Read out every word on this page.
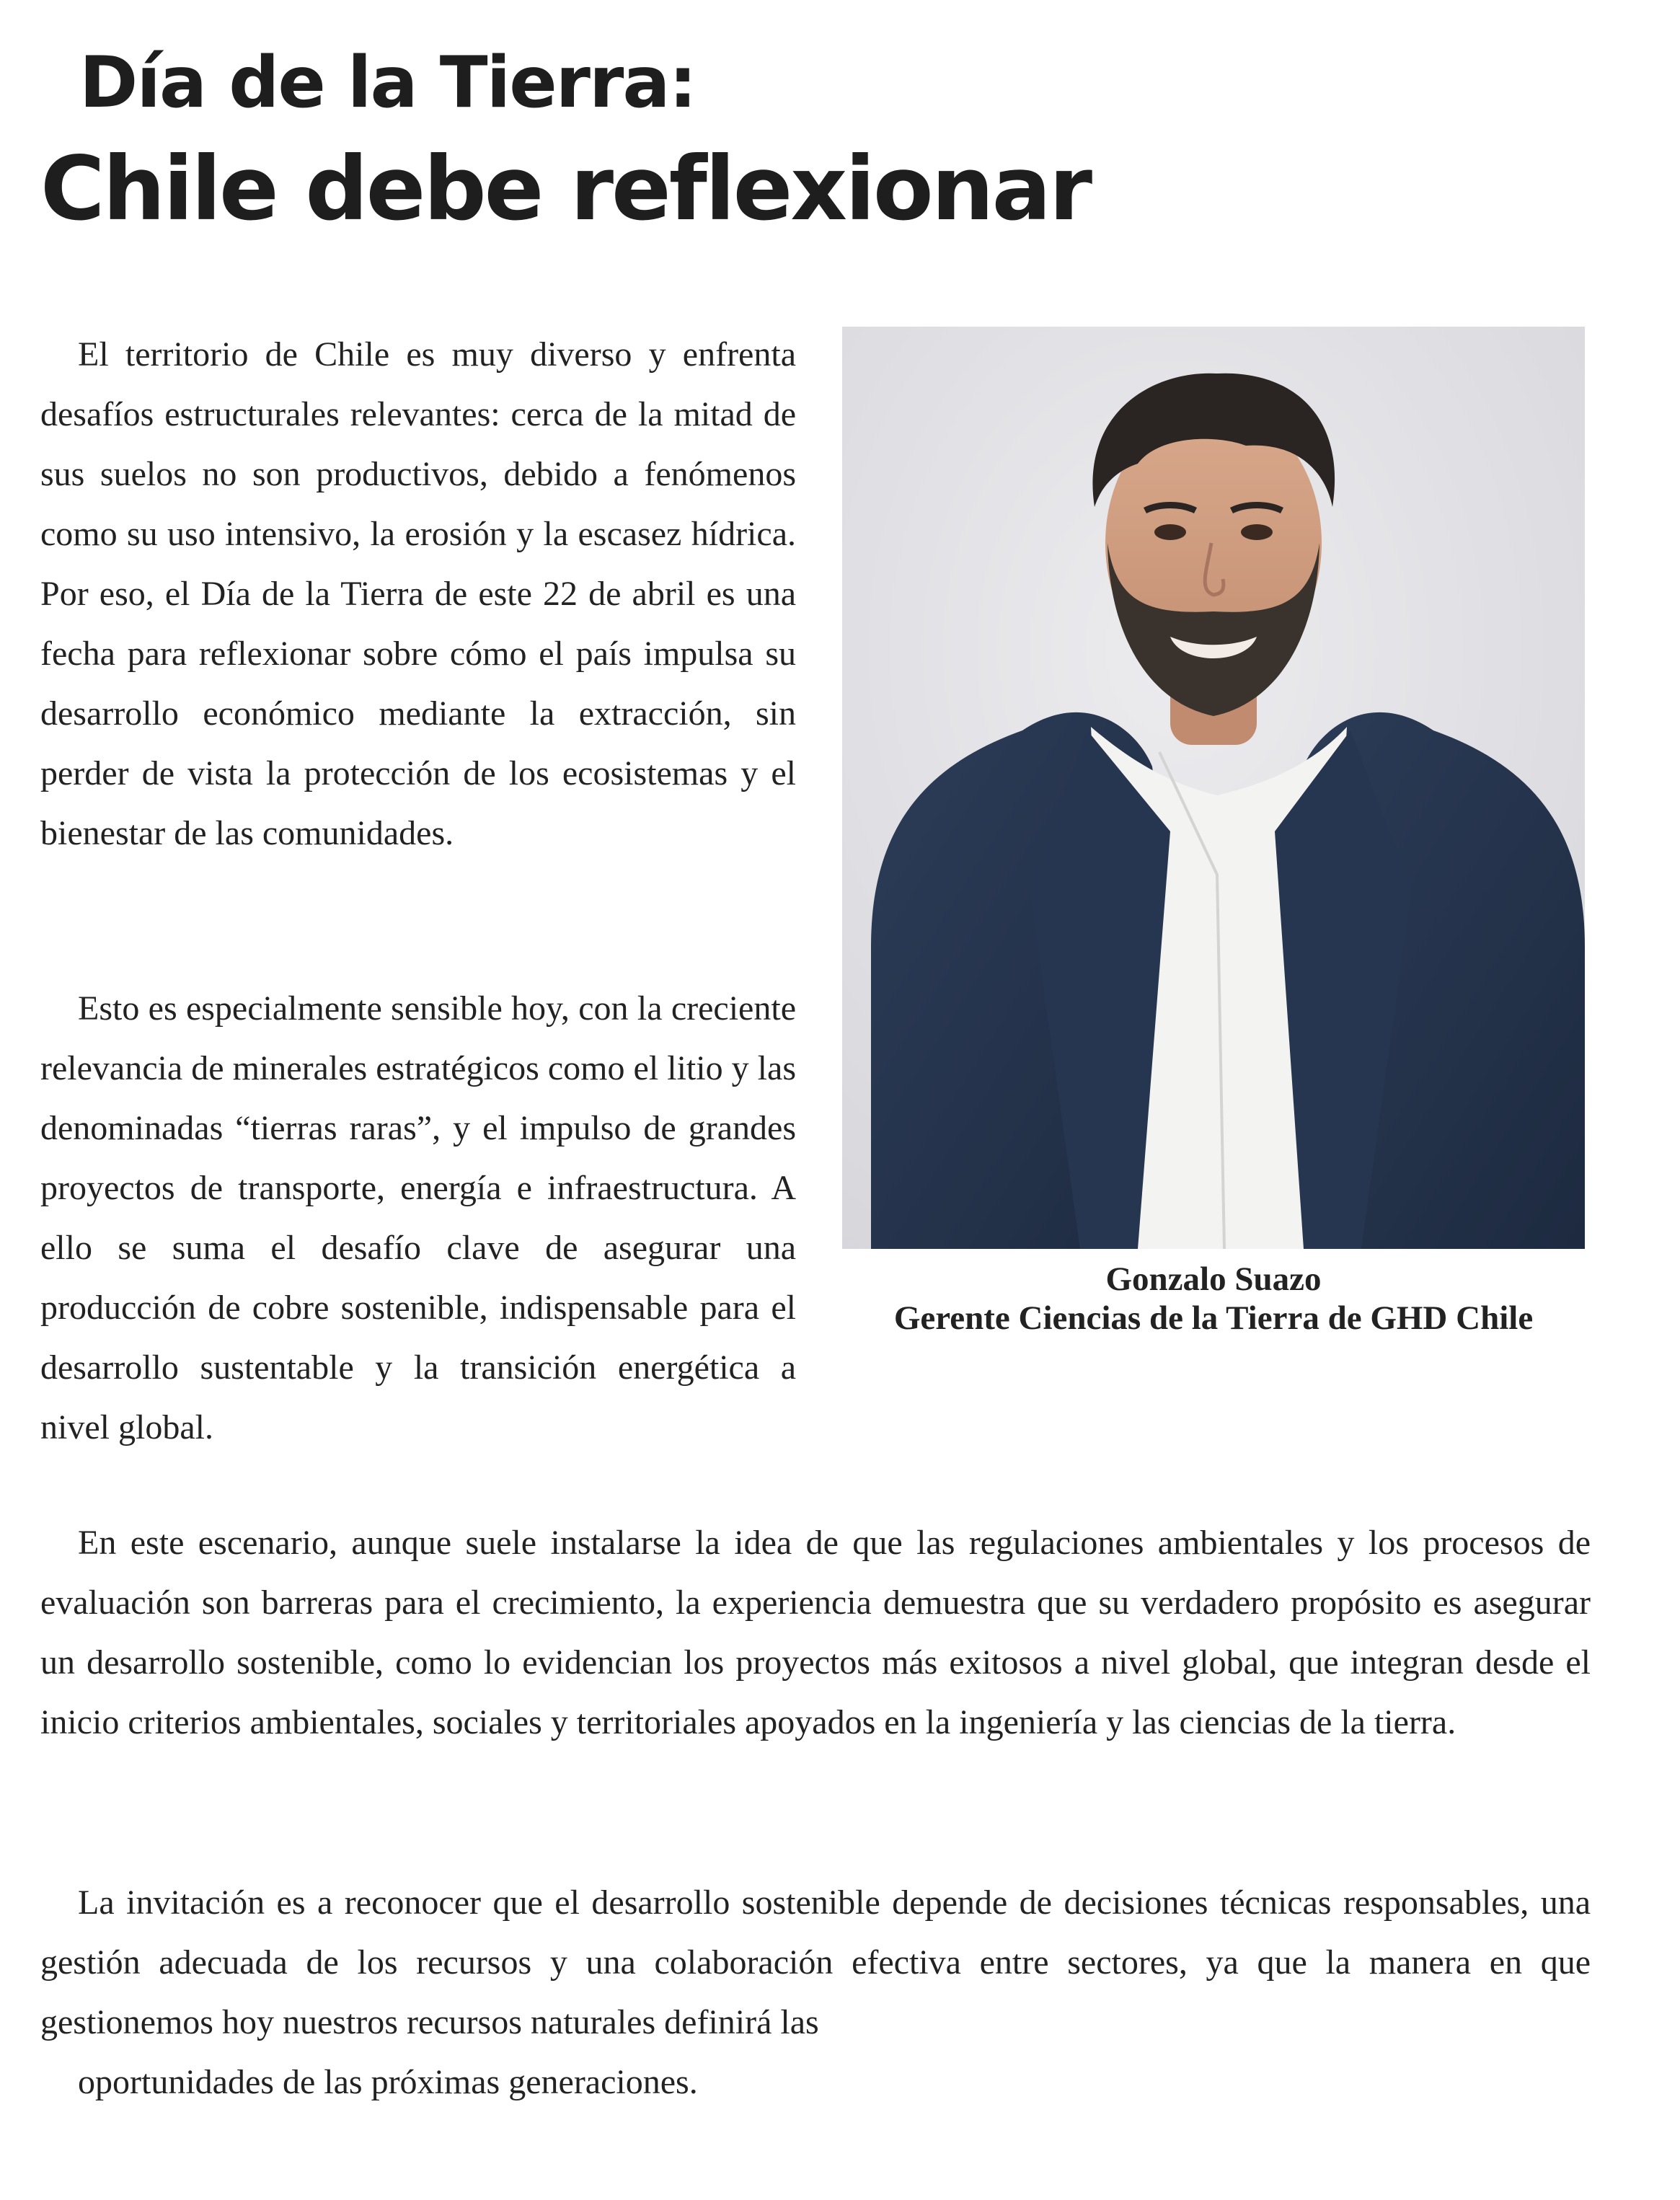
Día de la Tierra:
Chile debe reflexionar

El territorio de Chile es muy diverso y enfrenta desafíos estructurales relevantes: cerca de la mitad de sus suelos no son productivos, debido a fenómenos como su uso intensivo, la erosión y la escasez hídrica. Por eso, el Día de la Tierra de este 22 de abril es una fecha para reflexionar sobre cómo el país impulsa su desarrollo económico mediante la extracción, sin perder de vista la protección de los ecosistemas y el bienestar de las comunidades.

Esto es especialmente sensible hoy, con la creciente relevancia de minerales estratégicos como el litio y las denominadas “tierras raras”, y el impulso de grandes proyectos de transporte, energía e infraestructura. A ello se suma el desafío clave de asegurar una producción de cobre sostenible, indispensable para el desarrollo sustentable y la transición energética a nivel global.

Gonzalo Suazo

Gerente Ciencias de la Tierra de GHD Chile

En este escenario, aunque suele instalarse la idea de que las regulaciones ambientales y los procesos de evaluación son barreras para el crecimiento, la experiencia demuestra que su verdadero propósito es asegurar un desarrollo sostenible, como lo evidencian los proyectos más exitosos a nivel global, que integran desde el inicio criterios ambientales, sociales y territoriales apoyados en la ingeniería y las ciencias de la tierra.

La invitación es a reconocer que el desarrollo sostenible depende de decisiones técnicas responsables, una gestión adecuada de los recursos y una colaboración efectiva entre sectores, ya que la manera en que gestionemos hoy nuestros recursos naturales definirá las

oportunidades de las próximas generaciones.
